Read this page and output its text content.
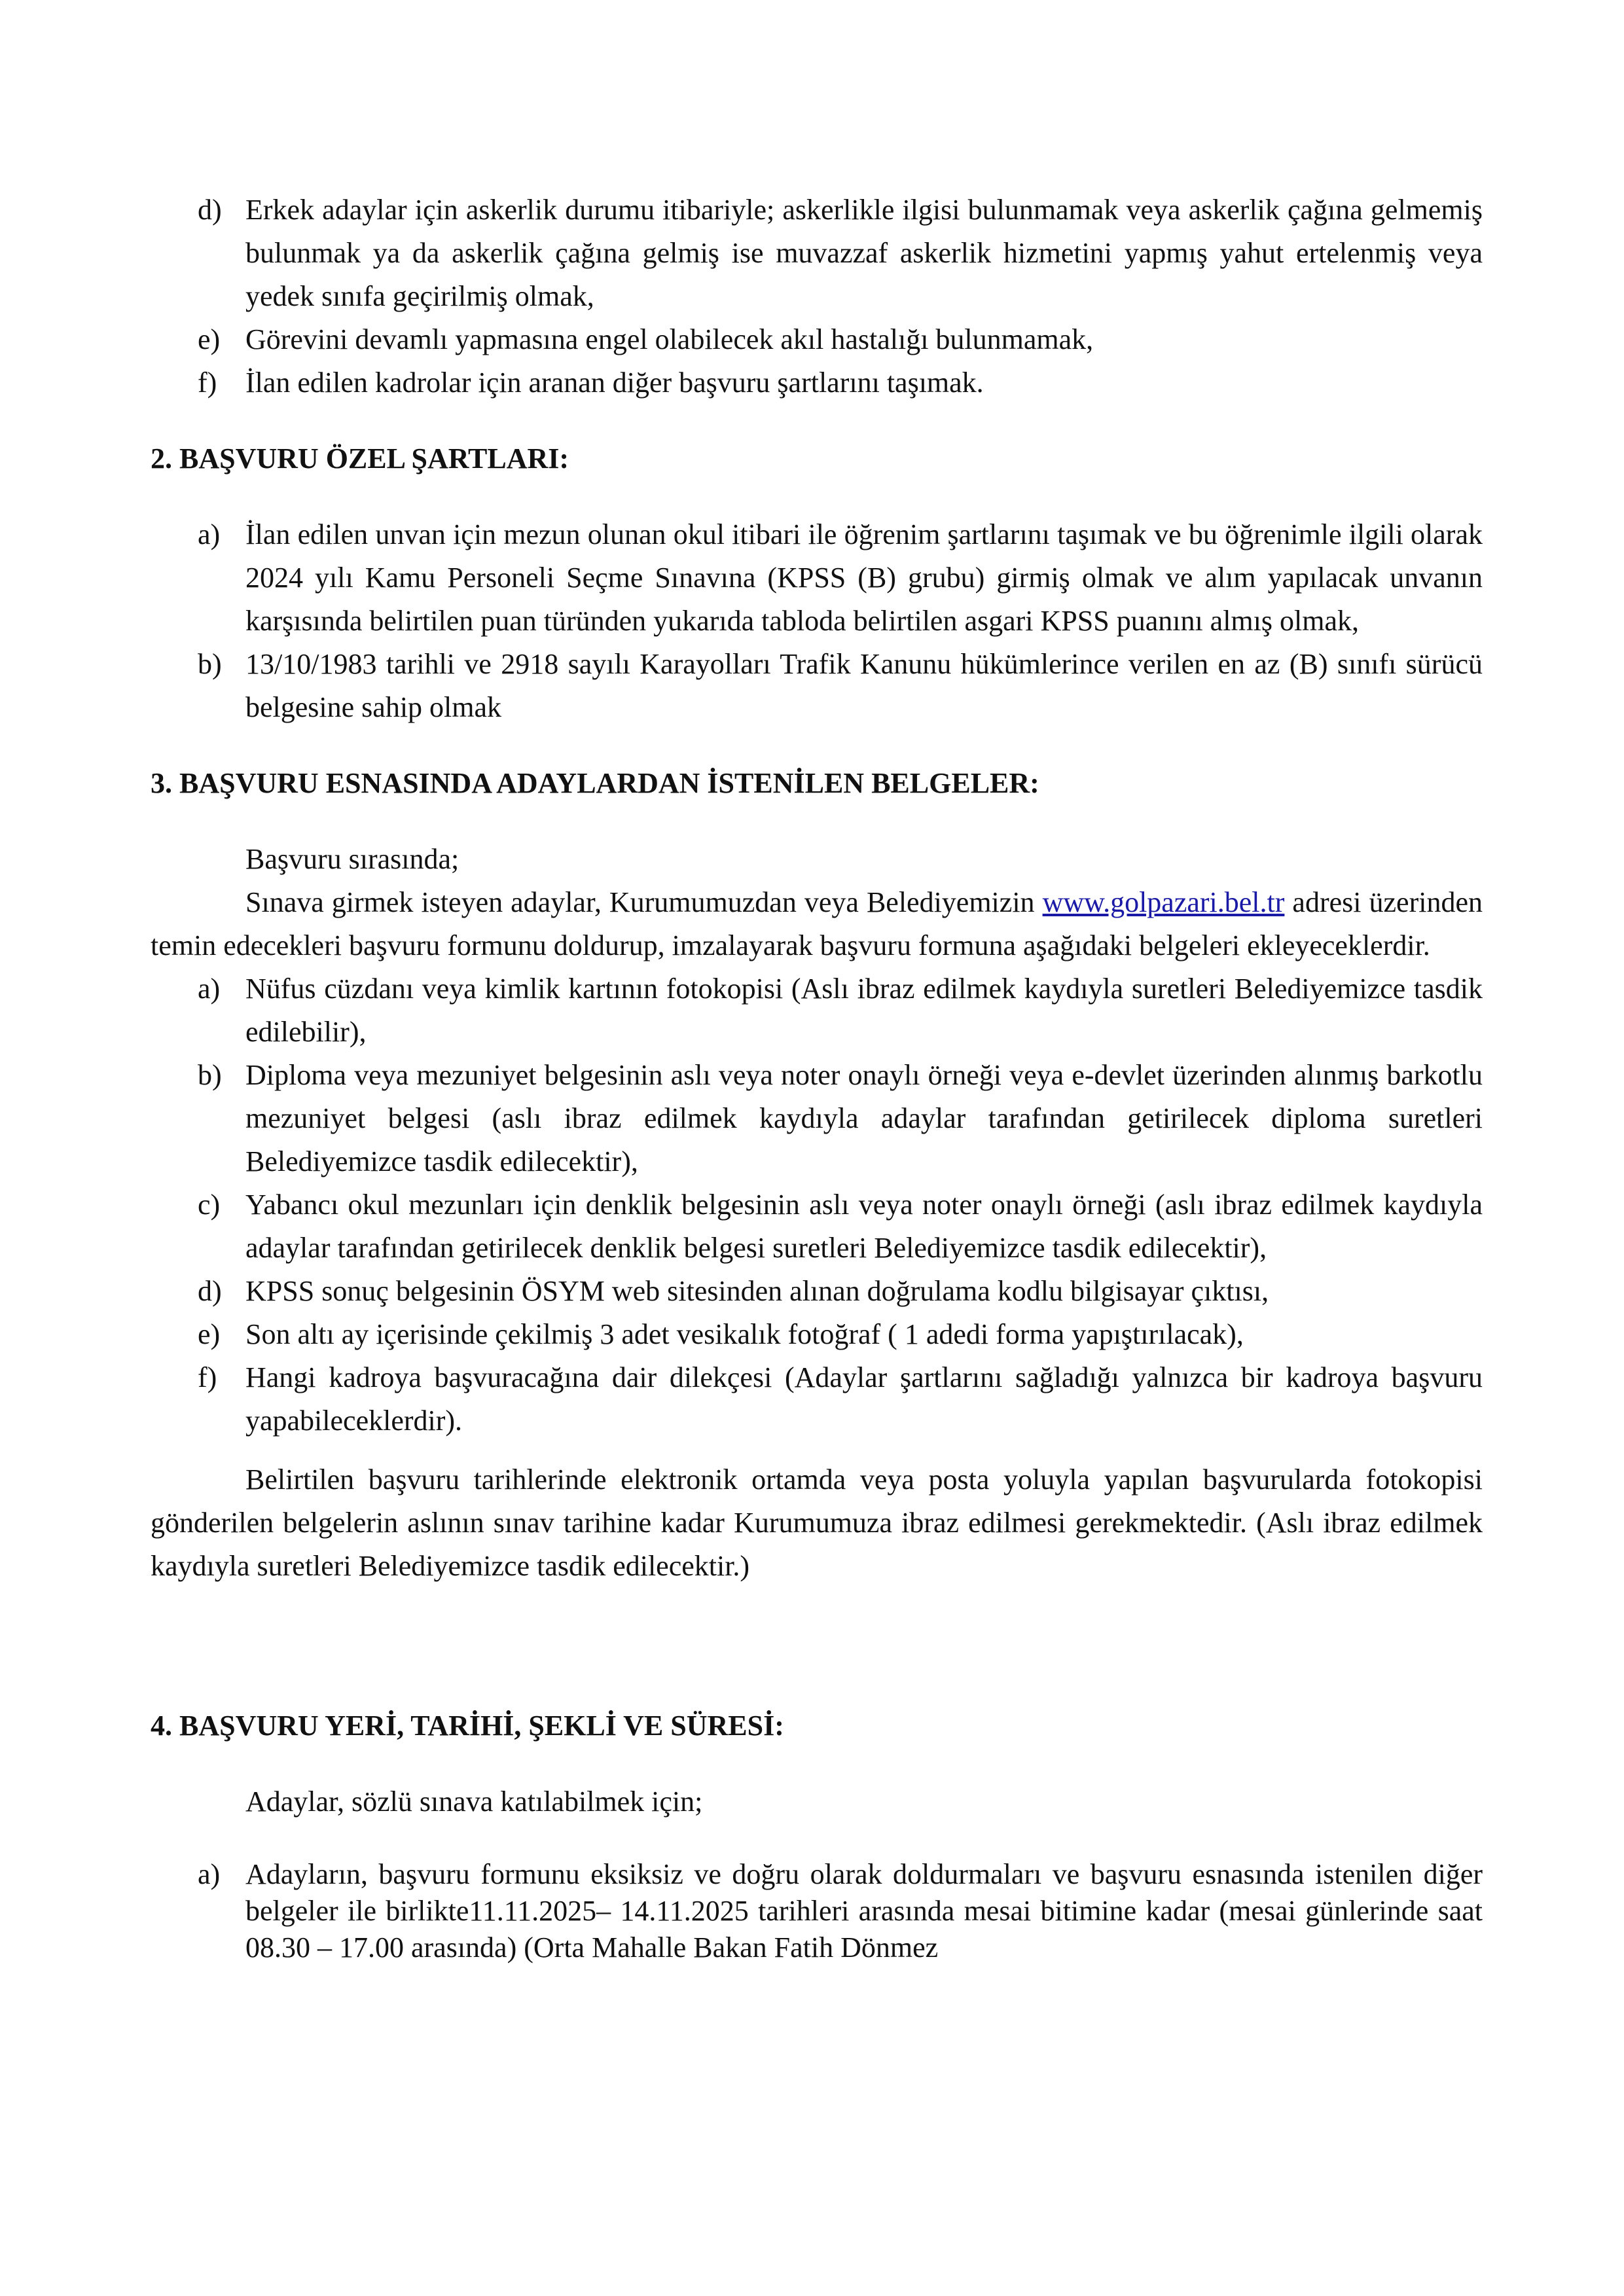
d) Erkek adaylar için askerlik durumu itibariyle; askerlikle ilgisi bulunmamak veya askerlik çağına gelmemiş bulunmak ya da askerlik çağına gelmiş ise muvazzaf askerlik hizmetini yapmış yahut ertelenmiş veya yedek sınıfa geçirilmiş olmak,
e) Görevini devamlı yapmasına engel olabilecek akıl hastalığı bulunmamak,
f) İlan edilen kadrolar için aranan diğer başvuru şartlarını taşımak.

2. BAŞVURU ÖZEL ŞARTLARI:

a) İlan edilen unvan için mezun olunan okul itibari ile öğrenim şartlarını taşımak ve bu öğrenimle ilgili olarak 2024 yılı Kamu Personeli Seçme Sınavına (KPSS (B) grubu) girmiş olmak ve alım yapılacak unvanın karşısında belirtilen puan türünden yukarıda tabloda belirtilen asgari KPSS puanını almış olmak,
b) 13/10/1983 tarihli ve 2918 sayılı Karayolları Trafik Kanunu hükümlerince verilen en az (B) sınıfı sürücü belgesine sahip olmak

3. BAŞVURU ESNASINDA ADAYLARDAN İSTENİLEN BELGELER:

Başvuru sırasında;
Sınava girmek isteyen adaylar, Kurumumuzdan veya Belediyemizin www.golpazari.bel.tr adresi üzerinden temin edecekleri başvuru formunu doldurup, imzalayarak başvuru formuna aşağıdaki belgeleri ekleyeceklerdir.
a) Nüfus cüzdanı veya kimlik kartının fotokopisi (Aslı ibraz edilmek kaydıyla suretleri Belediyemizce tasdik edilebilir),
b) Diploma veya mezuniyet belgesinin aslı veya noter onaylı örneği veya e-devlet üzerinden alınmış barkotlu mezuniyet belgesi (aslı ibraz edilmek kaydıyla adaylar tarafından getirilecek diploma suretleri Belediyemizce tasdik edilecektir),
c) Yabancı okul mezunları için denklik belgesinin aslı veya noter onaylı örneği (aslı ibraz edilmek kaydıyla adaylar tarafından getirilecek denklik belgesi suretleri Belediyemizce tasdik edilecektir),
d) KPSS sonuç belgesinin ÖSYM web sitesinden alınan doğrulama kodlu bilgisayar çıktısı,
e) Son altı ay içerisinde çekilmiş 3 adet vesikalık fotoğraf ( 1 adedi forma yapıştırılacak),
f) Hangi kadroya başvuracağına dair dilekçesi (Adaylar şartlarını sağladığı yalnızca bir kadroya başvuru yapabileceklerdir).
Belirtilen başvuru tarihlerinde elektronik ortamda veya posta yoluyla yapılan başvurularda fotokopisi gönderilen belgelerin aslının sınav tarihine kadar Kurumumuza ibraz edilmesi gerekmektedir. (Aslı ibraz edilmek kaydıyla suretleri Belediyemizce tasdik edilecektir.)

4. BAŞVURU YERİ, TARİHİ, ŞEKLİ VE SÜRESİ:

Adaylar, sözlü sınava katılabilmek için;
a) Adayların, başvuru formunu eksiksiz ve doğru olarak doldurmaları ve başvuru esnasında istenilen diğer belgeler ile birlikte11.11.2025– 14.11.2025 tarihleri arasında mesai bitimine kadar (mesai günlerinde saat 08.30 – 17.00 arasında) (Orta Mahalle Bakan Fatih Dönmez
